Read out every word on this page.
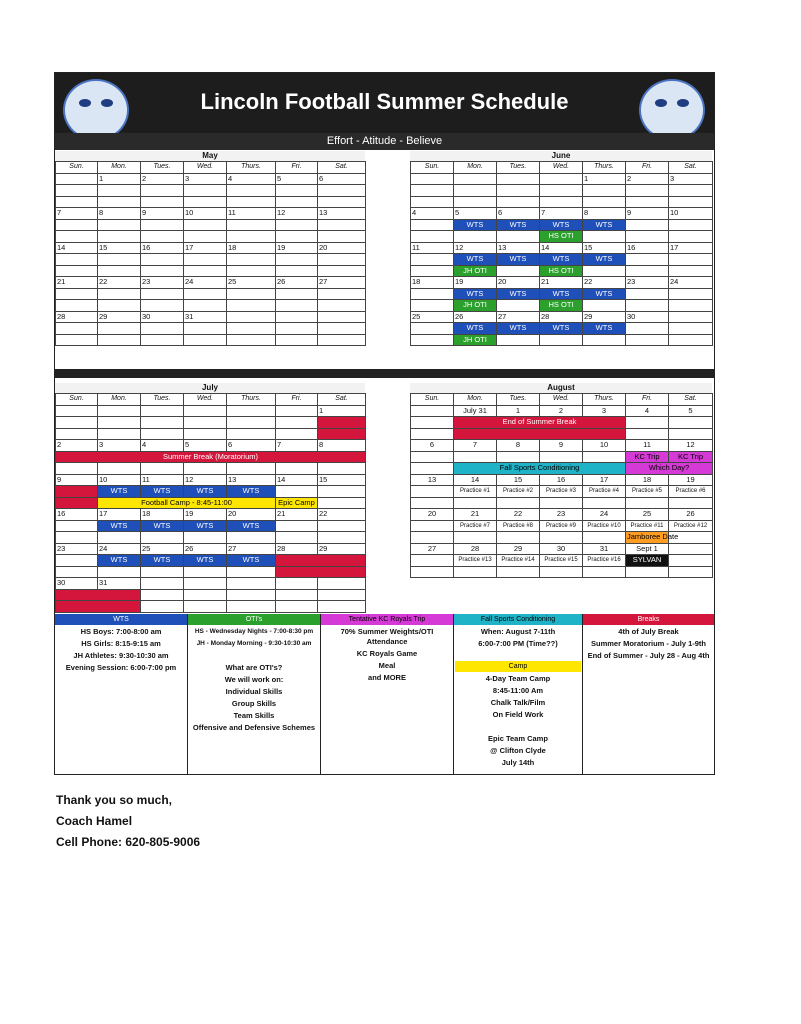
Lincoln Football Summer Schedule
Effort - Atitude - Believe
May
Sun.	Mon.	Tues.	Wed.	Thurs.	Fri.	Sat.
	1	2	3	4	5	6

7	8	9	10	11	12	13

14	15	16	17	18	19	20

21	22	23	24	25	26	27

28	29	30	31			

June
Sun.	Mon.	Tues.	Wed.	Thurs.	Fri.	Sat.
				1	2	3

4	5	6	7	8	9	10
	WTS	WTS	WTS	WTS		
			HS OTI			
11	12	13	14	15	16	17
	WTS	WTS	WTS	WTS		
	JH OTI		HS OTI			
18	19	20	21	22	23	24
	WTS	WTS	WTS	WTS		
	JH OTI		HS OTI			
25	26	27	28	29	30	
	WTS	WTS	WTS	WTS		
	JH OTI					
July
Sun.	Mon.	Tues.	Wed.	Thurs.	Fri.	Sat.
						1

2	3	4	5	6	7	8
Summer Break (Moratorium)						

9	10	11	12	13	14	15
	WTS	WTS	WTS	WTS		
	Football Camp - 8:45-11:00				Epic Camp	
16	17	18	19	20	21	22
	WTS	WTS	WTS	WTS		

23	24	25	26	27	28	29
	WTS	WTS	WTS	WTS		

30	31					

August
Sun.	Mon.	Tues.	Wed.	Thurs.	Fri.	Sat.
	July 31	1	2	3	4	5
	End of Summer Break					

6	7	8	9	10	11	12
					KC Trip	KC Trip
	Fall Sports Conditioning				Which Day?	
13	14	15	16	17	18	19
	Practice #1	Practice #2	Practice #3	Practice #4	Practice #5	Practice #6

20	21	22	23	24	25	26
	Practice #7	Practice #8	Practice #9	Practice #10	Practice #11	Practice #12
					Jamboree Date	
27	28	29	30	31	Sept 1	
	Practice #13	Practice #14	Practice #15	Practice #16	SYLVAN	

WTS

HS Boys: 7:00-8:00 am

HS Girls: 8:15-9:15 am

JH Athletes: 9:30-10:30 am

Evening Session: 6:00-7:00 pm

OTI's

HS - Wednesday Nights - 7:00-8:30 pm

JH - Monday Morning - 9:30-10:30 am

What are OTI's?

We will work on:

Individual Skills

Group Skills

Team Skills

Offensive and Defensive Schemes

Tentative KC Royals Trip

70% Summer Weights/OTI Attendance

KC Royals Game

Meal

and MORE

Fall Sports Conditioning

When: August 7-11th

6:00-7:00 PM (Time??)

Camp

4-Day Team Camp

8:45-11:00 Am

Chalk Talk/Film

On Field Work

Epic Team Camp

@ Clifton Clyde

July 14th

Breaks

4th of July Break

Summer Moratorium - July 1-9th

End of Summer - July 28 - Aug 4th

Thank you so much,
Coach Hamel
Cell Phone: 620-805-9006
